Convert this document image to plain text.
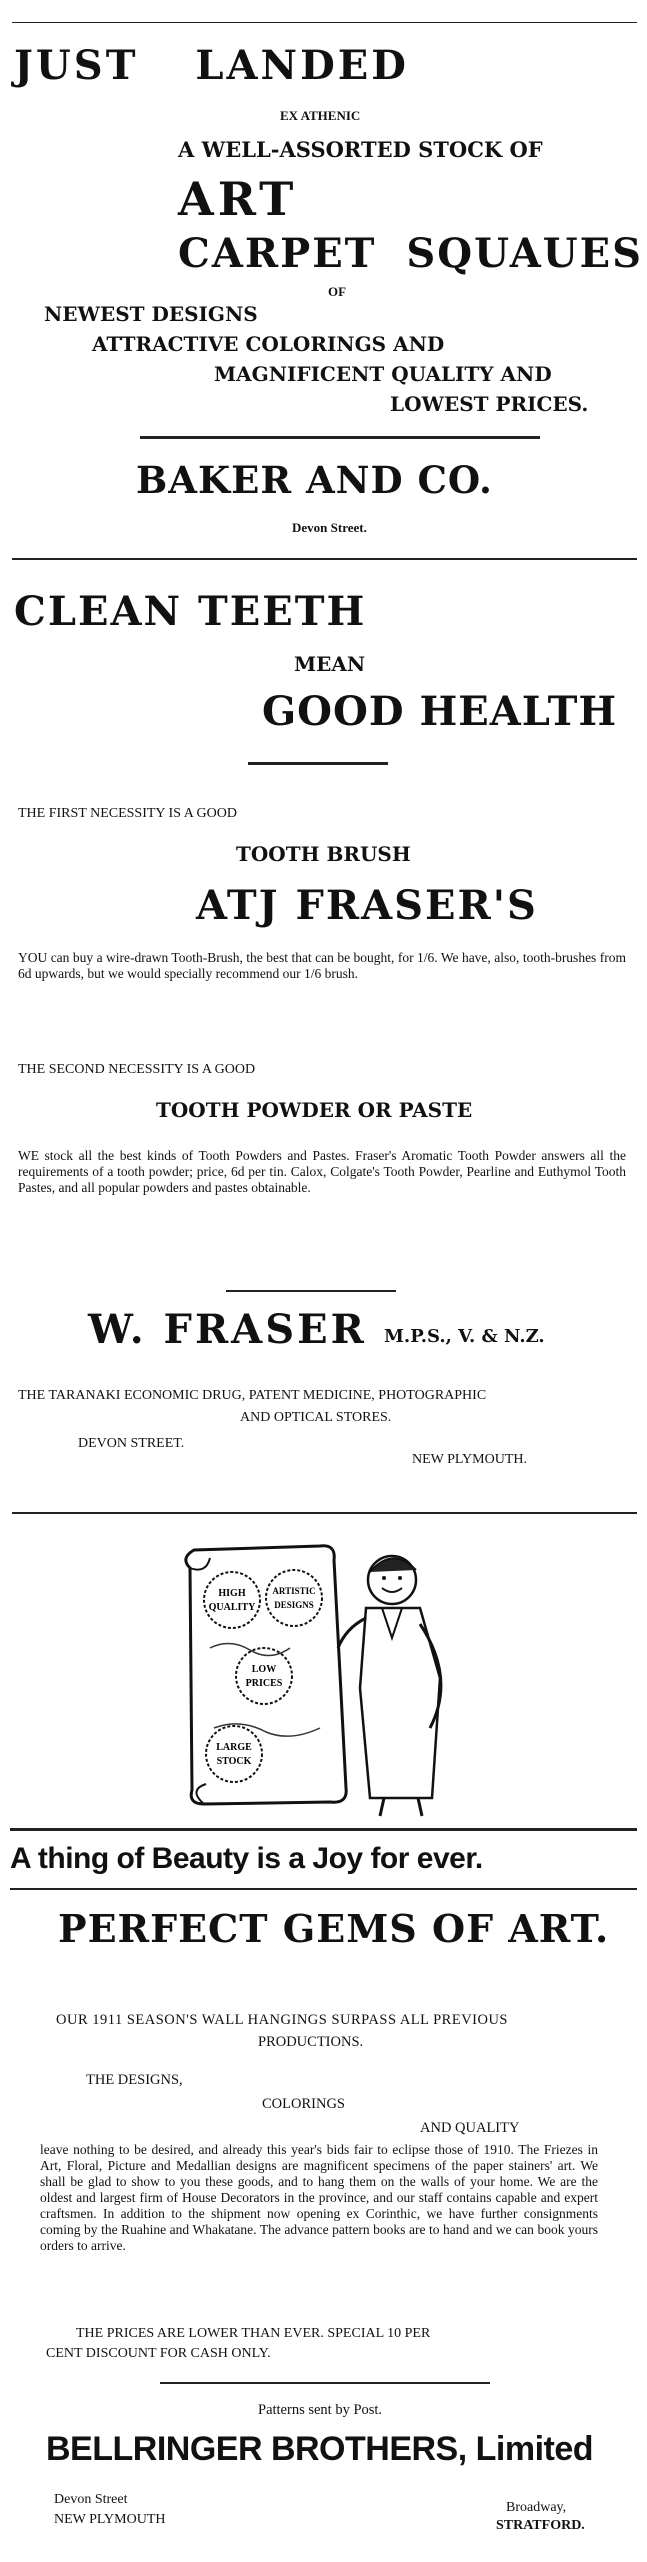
JUST LANDED
EX ATHENIC
A WELL-ASSORTED STOCK OF
ART
CARPET SQUAUES
OF
NEWEST DESIGNS
ATTRACTIVE COLORINGS AND
MAGNIFICENT QUALITY AND
LOWEST PRICES.
BAKER AND CO.
Devon Street.
CLEAN TEETH
MEAN
GOOD HEALTH
THE FIRST NECESSITY IS A GOOD
TOOTH BRUSH
ATJ FRASER'S
YOU can buy a wire-drawn Tooth-Brush, the best that can be bought, for 1/6. We have, also, tooth-brushes from 6d upwards, but we would specially recommend our 1/6 brush.
THE SECOND NECESSITY IS A GOOD
TOOTH POWDER OR PASTE
WE stock all the best kinds of Tooth Powders and Pastes. Fraser's Aromatic Tooth Powder answers all the requirements of a tooth powder; price, 6d per tin. Calox, Colgate's Tooth Powder, Pearline and Euthymol Tooth Pastes, and all popular powders and pastes obtainable.
W. FRASER M.P.S., V. & N.Z.
THE TARANAKI ECONOMIC DRUG, PATENT MEDICINE, PHOTOGRAPHIC
AND OPTICAL STORES.
DEVON STREET.
NEW PLYMOUTH.
HIGH
QUALITY
ARTISTIC
DESIGNS
LOW
PRICES
LARGE
STOCK
A thing of Beauty is a Joy for ever.
PERFECT GEMS OF ART.
OUR 1911 SEASON'S WALL HANGINGS SURPASS ALL PREVIOUS
PRODUCTIONS.
THE DESIGNS,
COLORINGS
AND QUALITY
leave nothing to be desired, and already this year's bids fair to eclipse those of 1910. The Friezes in Art, Floral, Picture and Medallian designs are magnificent specimens of the paper stainers' art. We shall be glad to show to you these goods, and to hang them on the walls of your home. We are the oldest and largest firm of House Decorators in the province, and our staff contains capable and expert craftsmen. In addition to the shipment now opening ex Corinthic, we have further consignments coming by the Ruahine and Whakatane. The advance pattern books are to hand and we can book yours orders to arrive.
THE PRICES ARE LOWER THAN EVER. SPECIAL 10 PER
CENT DISCOUNT FOR CASH ONLY.
Patterns sent by Post.
BELLRINGER BROTHERS, Limited
Devon Street
NEW PLYMOUTH
Broadway,
STRATFORD.
